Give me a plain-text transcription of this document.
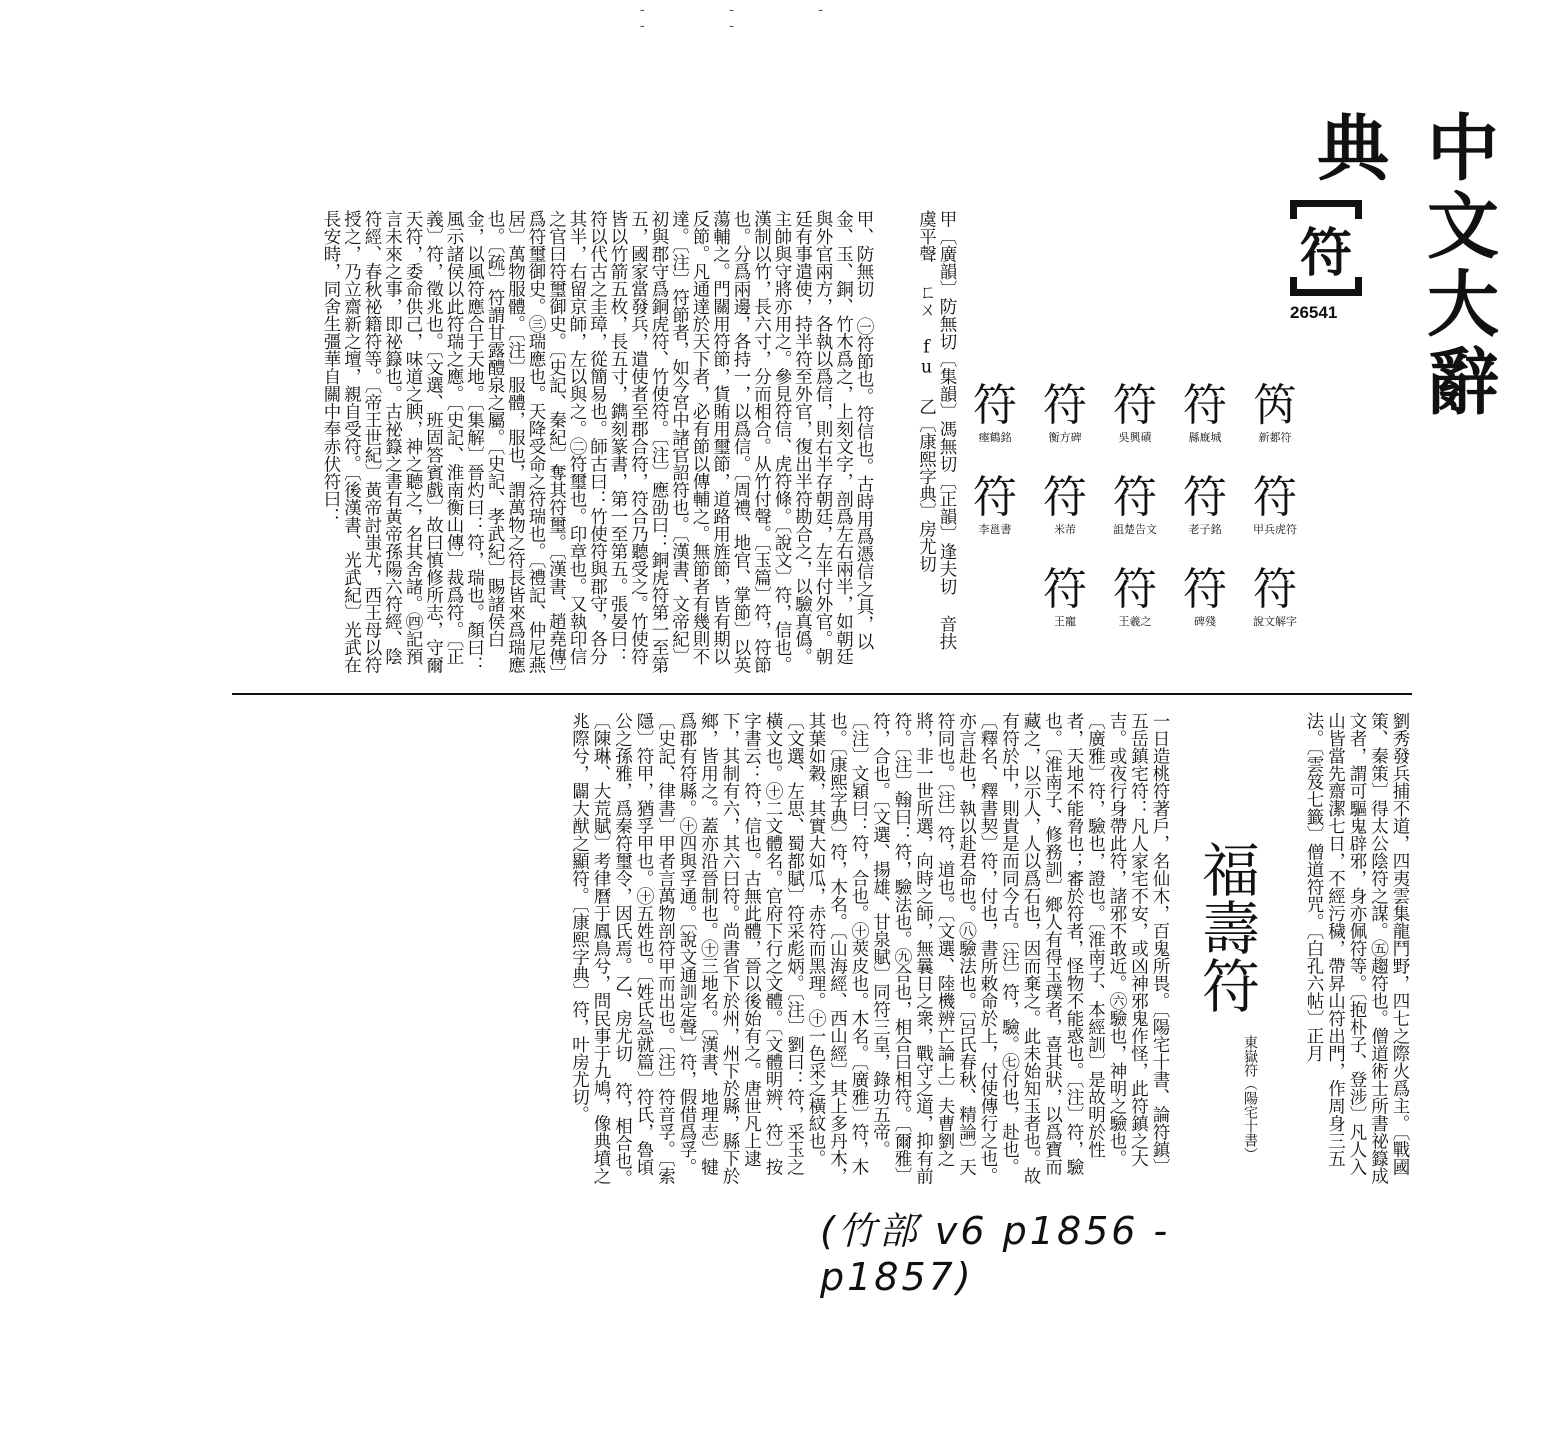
- - - - -
中文大辭典
符
26541
笍
新郪符
符
甲兵虎符
符
說文解字
符
縣廐城
符
老子銘
符
碑殘
符
吳興磧
符
詛楚告文
符
王羲之
符
衡方碑
符
米芾
符
王寵
符
瘞鶴銘
符
李邕書
甲〔廣韻〕防無切〔集韻〕馮無切〔正韻〕逢夫切 音扶 虞平聲 ㄈㄨ fu 乙〔康熙字典〕房尤切
甲、防無切 ㊀符節也。符信也。古時用爲憑信之具，以金、玉、銅、竹木爲之，上刻文字，剖爲左右兩半，如朝廷與外官兩方，各執以爲信，則右半存朝廷，左半付外官。朝廷有事遣使，持半符至外官，復出半符勘合之，以驗真僞。主帥與守將亦用之。參見符信、虎符條。〔說文〕符，信也。漢制以竹，長六寸，分而相合。从竹付聲。〔玉篇〕符，符節也。分爲兩邊，各持一，以爲信。〔周禮、地官、掌節〕以英蕩輔之。門關用符節，貨賄用璽節，道路用旌節，皆有期以反節。凡通達於天下者，必有節以傳輔之。無節者有幾則不達。〔注〕符節者，如今宮中諸官詔符也。〔漢書、文帝紀〕初與郡守爲銅虎符、竹使符。〔注〕應劭曰：銅虎符第一至第五，國家當發兵，遣使者至郡合符，符合乃聽受之。竹使符皆以竹箭五枚，長五寸，鐫刻篆書，第一至第五。張晏曰：符以代古之圭璋，從簡易也。師古曰：竹使符與郡守，各分其半，右留京師，左以與之。㊁符璽也。印章也。又執印信之官曰符璽御史。〔史記、秦紀〕奪其符璽。〔漢書、趙堯傳〕爲符璽御史。㊂瑞應也。天降受命之符瑞也。〔禮記、仲尼燕居〕萬物服體。〔注〕服體，服也，謂萬物之符長皆來爲瑞應也。〔疏〕符謂甘露醴泉之屬。〔史記、孝武紀〕賜諸侯白金，以風符應合于天地。〔集解〕晉灼曰：符，瑞也。顏曰：風示諸侯以此符瑞之應。〔史記、淮南衡山傳〕裁爲符。〔正義〕符，徵兆也。〔文選、班固答賓戲〕故曰慎修所志，守爾天符，委命供己，味道之腴，神之聽之，名其舍諸。㊃記預言未來之事，即祕籙也。古祕籙之書有黃帝孫陽六符經、陰符經、春秋祕籍符等。〔帝王世紀〕黃帝討蚩尤，西王母以符授之，乃立齋新之壇，親自受符。〔後漢書、光武紀〕光武在長安時，同舍生彊華自關中奉赤伏符曰：
劉秀發兵捕不道，四夷雲集龍鬥野，四七之際火爲主。〔戰國策、秦策〕得太公陰符之謀。㊄趨符也。僧道術士所書祕籙成文者，謂可驅鬼辟邪，身亦佩符等。〔抱朴子、登涉〕凡人入山皆當先齋潔七日，不經污穢，帶昇山符出門，作周身三五法。〔雲笈七籤〕僧道符咒。〔白孔六帖〕正月
福壽符
東嶽符（陽宅十書）
一日造桃符著戶，名仙木，百鬼所畏。〔陽宅十書、論符鎮〕五岳鎮宅符：凡人家宅不安，或凶神邪鬼作怪，此符鎮之大吉。或夜行身帶此符，諸邪不敢近。㊅驗也，神明之驗也。〔廣雅〕符，驗也，證也。〔淮南子、本經訓〕是故明於性者，天地不能脅也；審於符者，怪物不能惑也。〔注〕符，驗也。〔淮南子、修務訓〕鄉人有得玉璞者，喜其狀，以爲寶而藏之，以示人，人以爲石也，因而棄之。此未始知玉者也。故有符於中，則貴是而同今古。〔注〕符，驗。㊆付也，赴也。〔釋名、釋書契〕符，付也，書所敕命於上，付使傳行之也。亦言赴也，執以赴君命也。㊇驗法也。〔呂氏春秋、精論〕天符同也。〔注〕符，道也。〔文選、陸機辨亡論上〕夫曹劉之將，非一世所選，向時之師，無曩日之衆，戰守之道，抑有前符。〔注〕翰曰：符，驗法也。㊈合也，相合曰相符。〔爾雅〕符，合也。〔文選、揚雄、甘泉賦〕同符三皇，錄功五帝。〔注〕文穎曰：符，合也。㊉莢皮也。木名。〔廣雅〕符，木也。〔康熙字典〕符，木名。〔山海經、西山經〕其上多丹木，其葉如穀，其實大如瓜，赤符而黑理。㊉一色采之橫紋也。〔文選、左思、蜀都賦〕符采彪炳。〔注〕劉曰：符，采玉之橫文也。㊉二文體名。官府下行之文體。〔文體明辨、符〕按字書云：符，信也。古無此體，晉以後始有之。唐世凡上逮下，其制有六，其六曰符。尚書省下於州，州下於縣，縣下於鄉，皆用之。蓋亦沿晉制也。㊉三地名。〔漢書、地理志〕犍爲郡有符縣。㊉四與孚通。〔說文通訓定聲〕符，假借爲孚。〔史記、律書〕甲者言萬物剖符甲而出也。〔注〕符音孚。〔索隱〕符甲，猶孚甲也。㊉五姓也。〔姓氏急就篇〕符氏，魯頃公之孫雅，爲秦符璽令，因氏焉。乙、房尤切 符，相合也。〔陳琳、大荒賦〕考律曆于鳳鳥兮，問民事于九鳩，像典墳之兆際兮，闢大猷之顯符。〔康熙字典〕符，叶房尤切。
(竹部 v6 p1856 - p1857)
